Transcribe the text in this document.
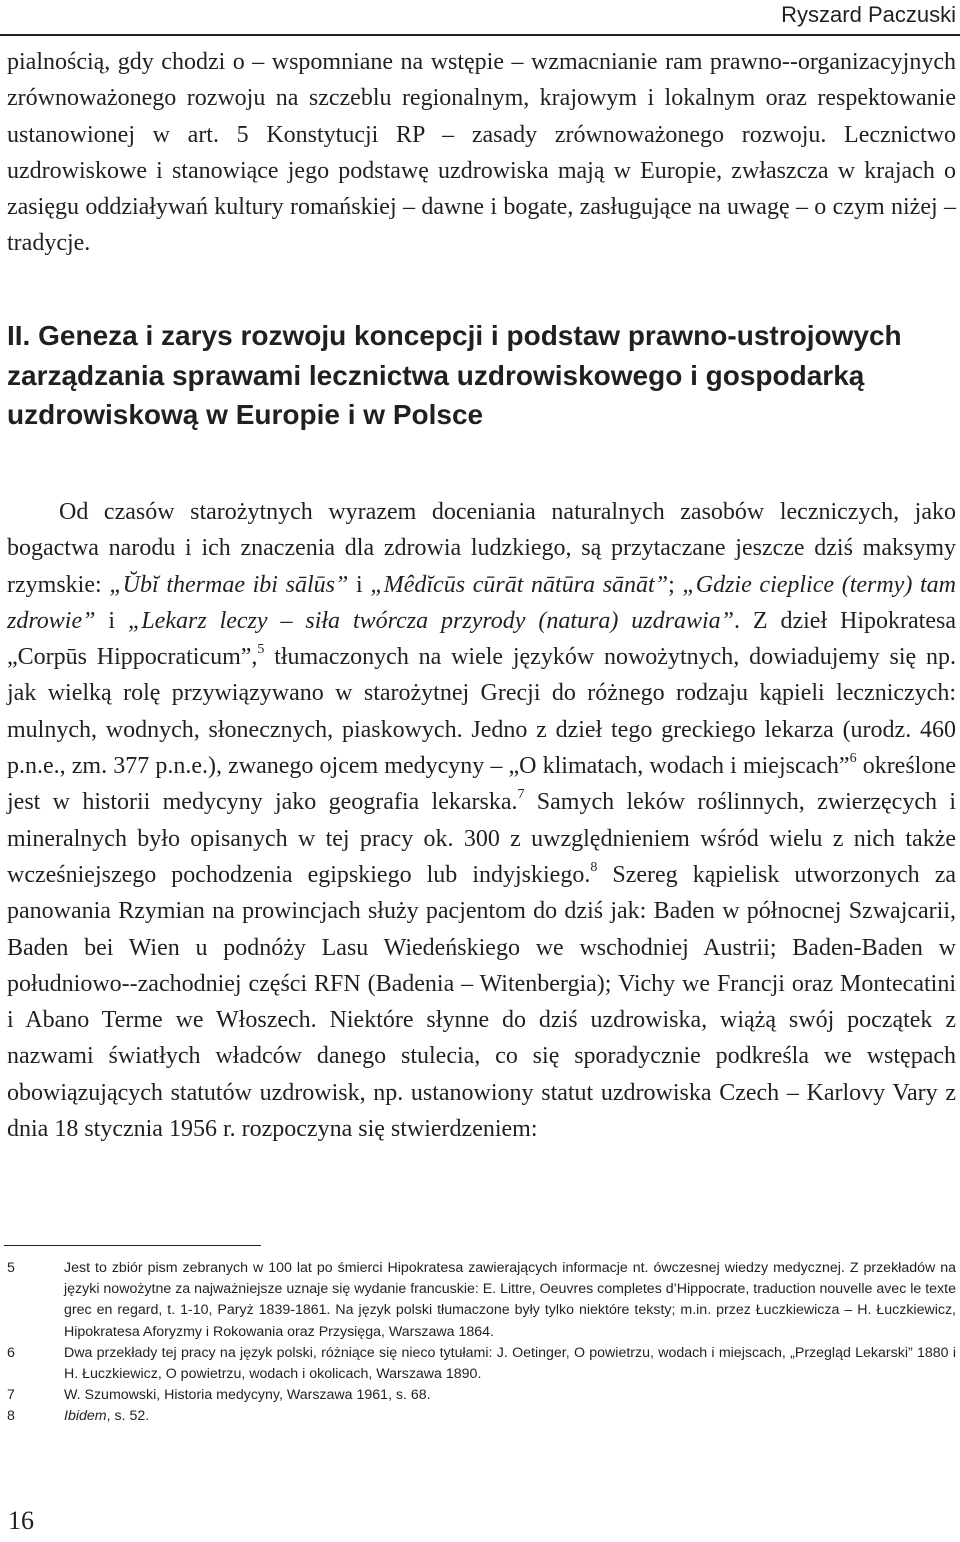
Ryszard Paczuski

pialnością, gdy chodzi o – wspomniane na wstępie – wzmacnianie ram prawno--organizacyjnych zrównoważonego rozwoju na szczeblu regionalnym, krajowym i lokalnym oraz respektowanie ustanowionej w art. 5 Konstytucji RP – zasady zrównoważonego rozwoju. Lecznictwo uzdrowiskowe i stanowiące jego podstawę uzdrowiska mają w Europie, zwłaszcza w krajach o zasięgu oddziaływań kultury romańskiej – dawne i bogate, zasługujące na uwagę – o czym niżej – tradycje.

II. Geneza i zarys rozwoju koncepcji i podstaw prawno-ustrojowych zarządzania sprawami lecznictwa uzdrowiskowego i gospodarką uzdrowiskową w Europie i w Polsce

Od czasów starożytnych wyrazem doceniania naturalnych zasobów leczniczych, jako bogactwa narodu i ich znaczenia dla zdrowia ludzkiego, są przytaczane jeszcze dziś maksymy rzymskie: „Ŭbĭ thermae ibi sālūs” i „Mêdĭcūs cūrāt nātūra sānāt”; „Gdzie cieplice (termy) tam zdrowie” i „Lekarz leczy – siła twórcza przyrody (natura) uzdrawia”. Z dzieł Hipokratesa „Corpūs Hippocraticum”,$^5$ tłumaczonych na wiele języków nowożytnych, dowiadujemy się np. jak wielką rolę przywiązywano w starożytnej Grecji do różnego rodzaju kąpieli leczniczych: mulnych, wodnych, słonecznych, piaskowych. Jedno z dzieł tego greckiego lekarza (urodz. 460 p.n.e., zm. 377 p.n.e.), zwanego ojcem medycyny – „O klimatach, wodach i miejscach”$^6$ określone jest w historii medycyny jako geografia lekarska.$^7$ Samych leków roślinnych, zwierzęcych i mineralnych było opisanych w tej pracy ok. 300 z uwzględnieniem wśród wielu z nich także wcześniejszego pochodzenia egipskiego lub indyjskiego.$^8$ Szereg kąpielisk utworzonych za panowania Rzymian na prowincjach służy pacjentom do dziś jak: Baden w północnej Szwajcarii, Baden bei Wien u podnóży Lasu Wiedeńskiego we wschodniej Austrii; Baden-Baden w południowo--zachodniej części RFN (Badenia – Witenbergia); Vichy we Francji oraz Montecatini i Abano Terme we Włoszech. Niektóre słynne do dziś uzdrowiska, wiążą swój początek z nazwami światłych władców danego stulecia, co się sporadycznie podkreśla we wstępach obowiązujących statutów uzdrowisk, np. ustanowiony statut uzdrowiska Czech – Karlovy Vary z dnia 18 stycznia 1956 r. rozpoczyna się stwierdzeniem:

5	Jest to zbiór pism zebranych w 100 lat po śmierci Hipokratesa zawierających informacje nt. ówczesnej wiedzy medycznej. Z przekładów na języki nowożytne za najważniejsze uznaje się wydanie francuskie: E. Littre, Oeuvres completes d’Hippocrate, traduction nouvelle avec le texte grec en regard, t. 1-10, Paryż 1839-1861. Na język polski tłumaczone były tylko niektóre teksty; m.in. przez Łuczkiewicza – H. Łuczkiewicz, Hipokratesa Aforyzmy i Rokowania oraz Przysięga, Warszawa 1864.
6	Dwa przekłady tej pracy na język polski, różniące się nieco tytułami: J. Oetinger, O powietrzu, wodach i miejscach, „Przegląd Lekarski” 1880 i H. Łuczkiewicz, O powietrzu, wodach i okolicach, Warszawa 1890.
7	W. Szumowski, Historia medycyny, Warszawa 1961, s. 68.
8	Ibidem, s. 52.
16
